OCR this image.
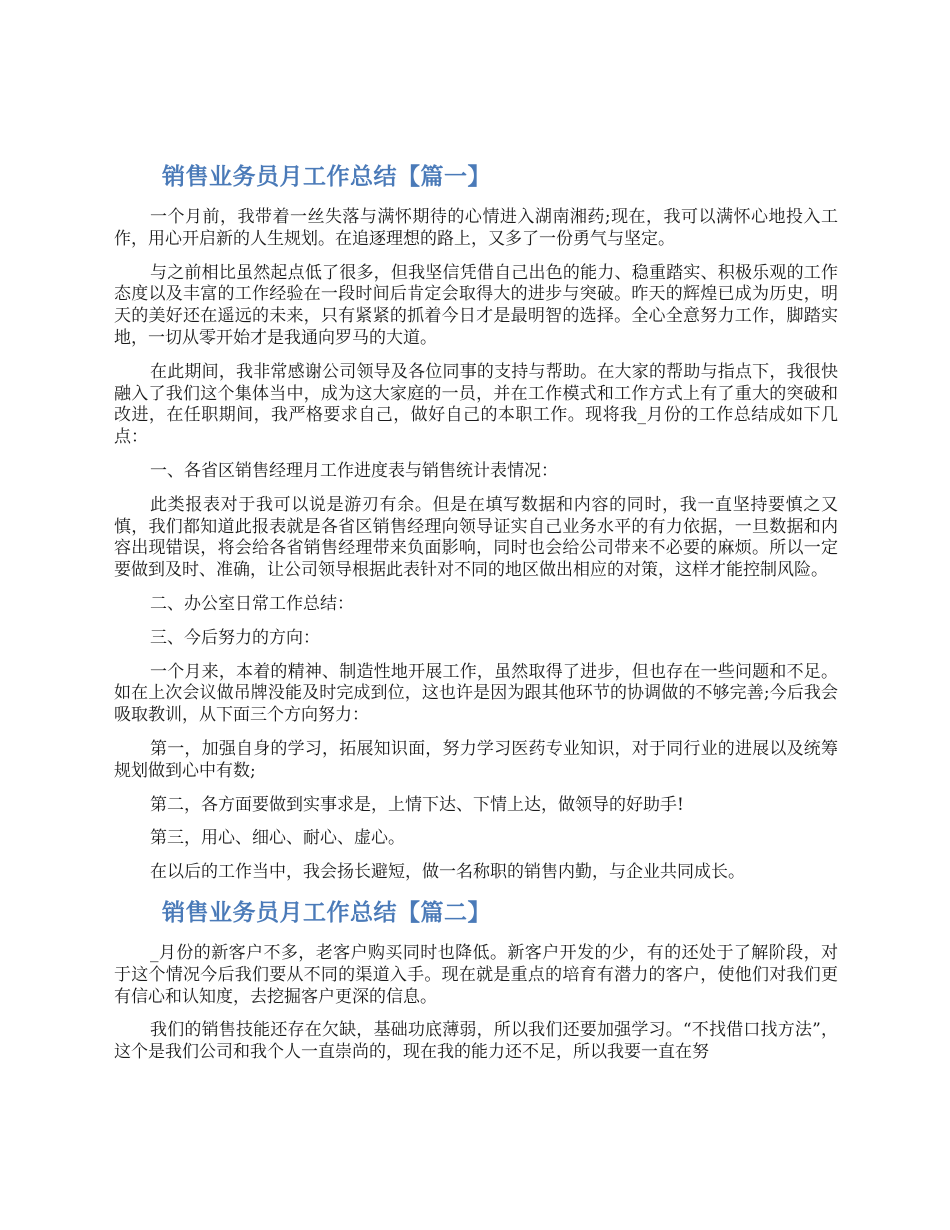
销售业务员月工作总结【篇一】

一个月前，我带着一丝失落与满怀期待的心情进入湖南湘药;现在，我可以满怀心地投入工作，用心开启新的人生规划。在追逐理想的路上，又多了一份勇气与坚定。

与之前相比虽然起点低了很多，但我坚信凭借自己出色的能力、稳重踏实、积极乐观的工作态度以及丰富的工作经验在一段时间后肯定会取得大的进步与突破。昨天的辉煌已成为历史，明天的美好还在遥远的未来，只有紧紧的抓着今日才是最明智的选择。全心全意努力工作，脚踏实地，一切从零开始才是我通向罗马的大道。

在此期间，我非常感谢公司领导及各位同事的支持与帮助。在大家的帮助与指点下，我很快融入了我们这个集体当中，成为这大家庭的一员，并在工作模式和工作方式上有了重大的突破和改进，在任职期间，我严格要求自己，做好自己的本职工作。现将我_月份的工作总结成如下几点：

一、各省区销售经理月工作进度表与销售统计表情况：

此类报表对于我可以说是游刃有余。但是在填写数据和内容的同时，我一直坚持要慎之又慎，我们都知道此报表就是各省区销售经理向领导证实自己业务水平的有力依据，一旦数据和内容出现错误，将会给各省销售经理带来负面影响，同时也会给公司带来不必要的麻烦。所以一定要做到及时、准确，让公司领导根据此表针对不同的地区做出相应的对策，这样才能控制风险。

二、办公室日常工作总结：

三、今后努力的方向：

一个月来，本着的精神、制造性地开展工作，虽然取得了进步，但也存在一些问题和不足。如在上次会议做吊牌没能及时完成到位，这也许是因为跟其他环节的协调做的不够完善;今后我会吸取教训，从下面三个方向努力：

第一，加强自身的学习，拓展知识面，努力学习医药专业知识，对于同行业的进展以及统筹规划做到心中有数;

第二，各方面要做到实事求是，上情下达、下情上达，做领导的好助手!

第三，用心、细心、耐心、虚心。

在以后的工作当中，我会扬长避短，做一名称职的销售内勤，与企业共同成长。

销售业务员月工作总结【篇二】

_月份的新客户不多，老客户购买同时也降低。新客户开发的少，有的还处于了解阶段，对于这个情况今后我们要从不同的渠道入手。现在就是重点的培育有潜力的客户，使他们对我们更有信心和认知度，去挖掘客户更深的信息。

我们的销售技能还存在欠缺，基础功底薄弱，所以我们还要加强学习。“不找借口找方法”，这个是我们公司和我个人一直崇尚的，现在我的能力还不足，所以我要一直在努
